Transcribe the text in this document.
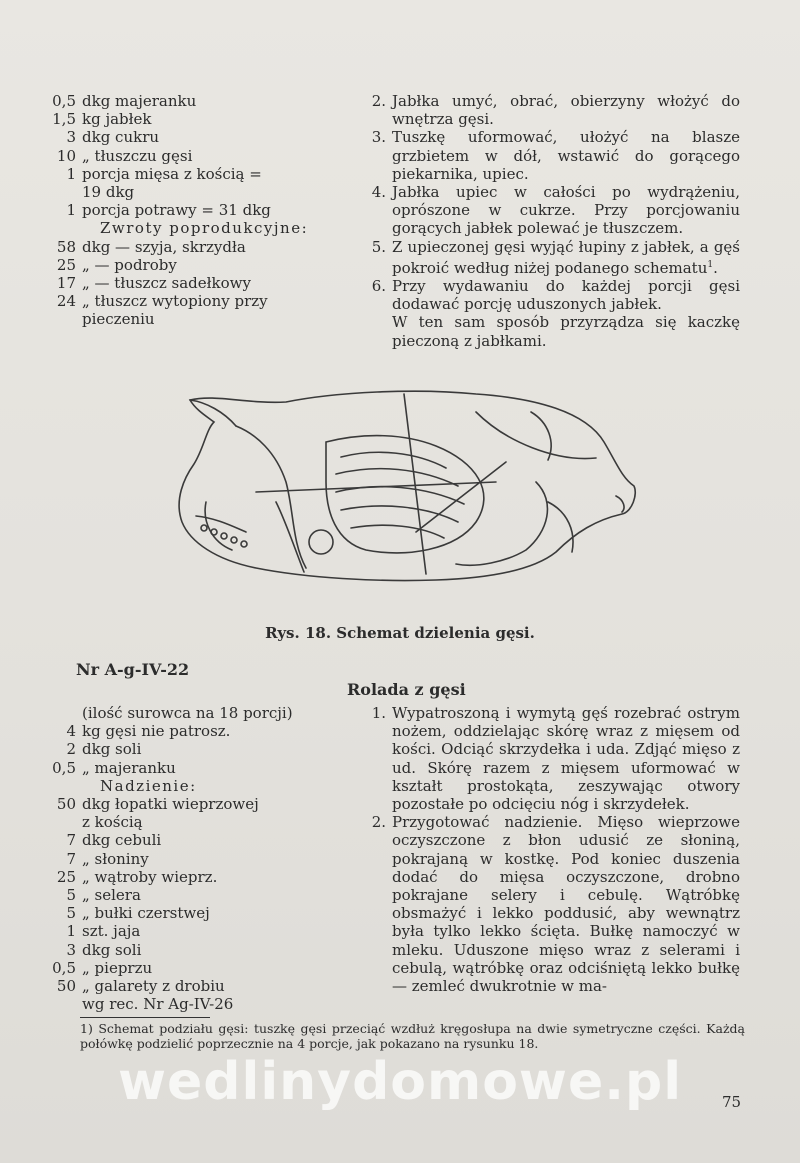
0,5 dkg majeranku
1,5 kg jabłek
3 dkg cukru
10 „ tłuszczu gęsi
1 porcja mięsa z kością =
19 dkg
1 porcja potrawy = 31 dkg
Zwroty poprodukcyjne:
58 dkg — szyja, skrzydła
25 „ — podroby
17 „ — tłuszcz sadełkowy
24 „ tłuszcz wytopiony przy
pieczeniu
2. Jabłka umyć, obrać, obierzyny włożyć do wnętrza gęsi.
3. Tuszkę uformować, ułożyć na blasze grzbietem w dół, wstawić do gorącego piekarnika, upiec.
4. Jabłka upiec w całości po wydrążeniu, oprószone w cukrze. Przy porcjowaniu gorących jabłek polewać je tłuszczem.
5. Z upieczonej gęsi wyjąć łupiny z jabłek, a gęś pokroić według niżej podanego schematu$^1$.
6. Przy wydawaniu do każdej porcji gęsi dodawać porcję uduszonych jabłek.
W ten sam sposób przyrządza się kaczkę pieczoną z jabłkami.
Rys. 18. Schemat dzielenia gęsi.
Nr A-g-IV-22
Rolada z gęsi
(ilość surowca na 18 porcji)
4 kg gęsi nie patrosz.
2 dkg soli
0,5 „ majeranku
Nadzienie:
50 dkg łopatki wieprzowej
z kością
7 dkg cebuli
7 „ słoniny
25 „ wątroby wieprz.
5 „ selera
5 „ bułki czerstwej
1 szt. jaja
3 dkg soli
0,5 „ pieprzu
50 „ galarety z drobiu
wg rec. Nr Ag-IV-26
1. Wypatroszoną i wymytą gęś rozebrać ostrym nożem, oddzielając skórę wraz z mięsem od kości. Odciąć skrzydełka i uda. Zdjąć mięso z ud. Skórę razem z mięsem uformować w kształt prostokąta, zeszywając otwory pozostałe po odcięciu nóg i skrzydełek.
2. Przygotować nadzienie. Mięso wieprzowe oczyszczone z błon udusić ze słoniną, pokrajaną w kostkę. Pod koniec duszenia dodać do mięsa oczyszczone, drobno pokrajane selery i cebulę. Wątróbkę obsmażyć i lekko poddusić, aby wewnątrz była tylko lekko ścięta. Bułkę namoczyć w mleku. Uduszone mięso wraz z selerami i cebulą, wątróbkę oraz odciśniętą lekko bułkę — zemleć dwukrotnie w ma-
1) Schemat podziału gęsi: tuszkę gęsi przeciąć wzdłuż kręgosłupa na dwie symetryczne części. Każdą połówkę podzielić poprzecznie na 4 porcje, jak pokazano na rysunku 18.
wedlinydomowe.pl	75
